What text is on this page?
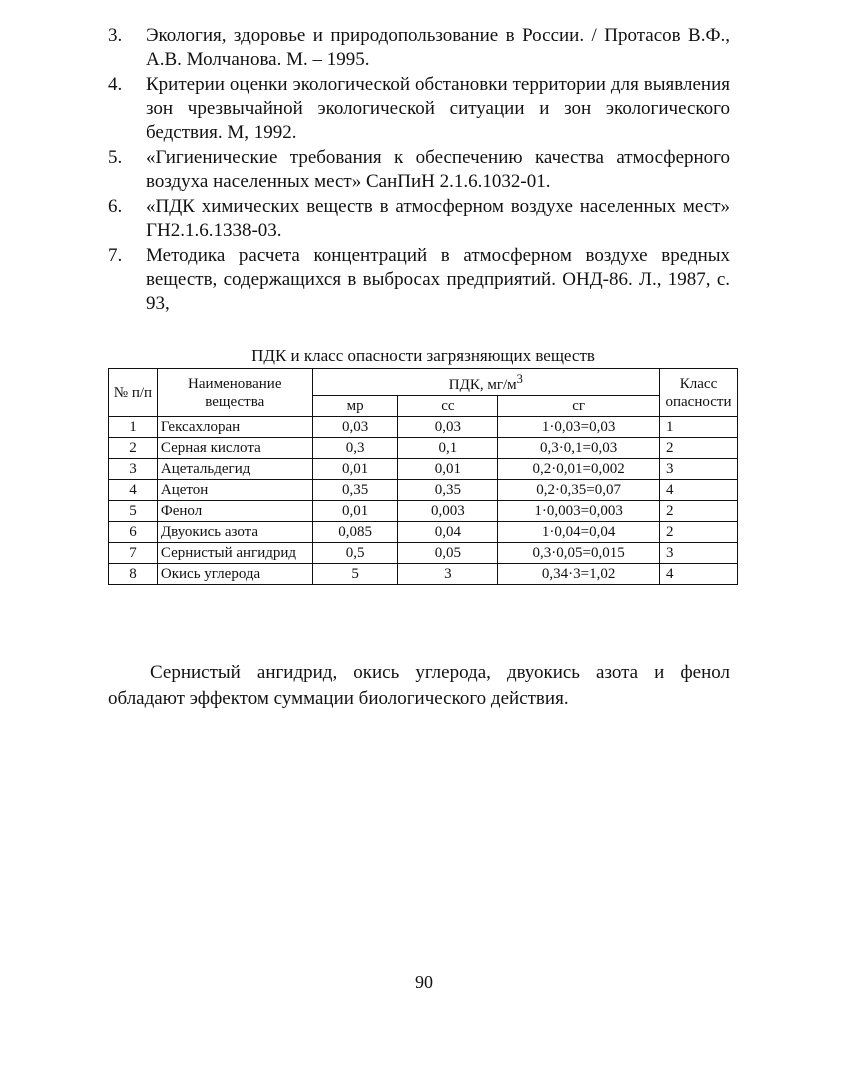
3.	Экология, здоровье и природопользование в России. / Протасов В.Ф., А.В. Молчанова. М. – 1995.
4.	Критерии оценки экологической обстановки территории для выявления зон чрезвычайной экологической ситуации и зон экологического бедствия. М, 1992.
5.	«Гигиенические требования к обеспечению качества атмосферного воздуха населенных мест» СанПиН 2.1.6.1032-01.
6.	«ПДК химических веществ в атмосферном воздухе населенных мест» ГН2.1.6.1338-03.
7.	Методика расчета концентраций в атмосферном воздухе вредных веществ, содержащихся в выбросах предприятий. ОНД-86. Л., 1987, с. 93,
ПДК и класс опасности загрязняющих веществ
№ п/п	Наименование вещества	ПДК, $мг/м^3$			Класс опасности
		мр	сс	сг	
1	Гексахлоран	0,03	0,03	1·0,03=0,03	1
2	Серная кислота	0,3	0,1	0,3·0,1=0,03	2
3	Ацетальдегид	0,01	0,01	0,2·0,01=0,002	3
4	Ацетон	0,35	0,35	0,2·0,35=0,07	4
5	Фенол	0,01	0,003	1·0,003=0,003	2
6	Двуокись азота	0,085	0,04	1·0,04=0,04	2
7	Сернистый ангидрид	0,5	0,05	0,3·0,05=0,015	3
8	Окись углерода	5	3	0,34·3=1,02	4

Сернистый ангидрид, окись углерода, двуокись азота и фенол обладают эффектом суммации биологического действия.

90
